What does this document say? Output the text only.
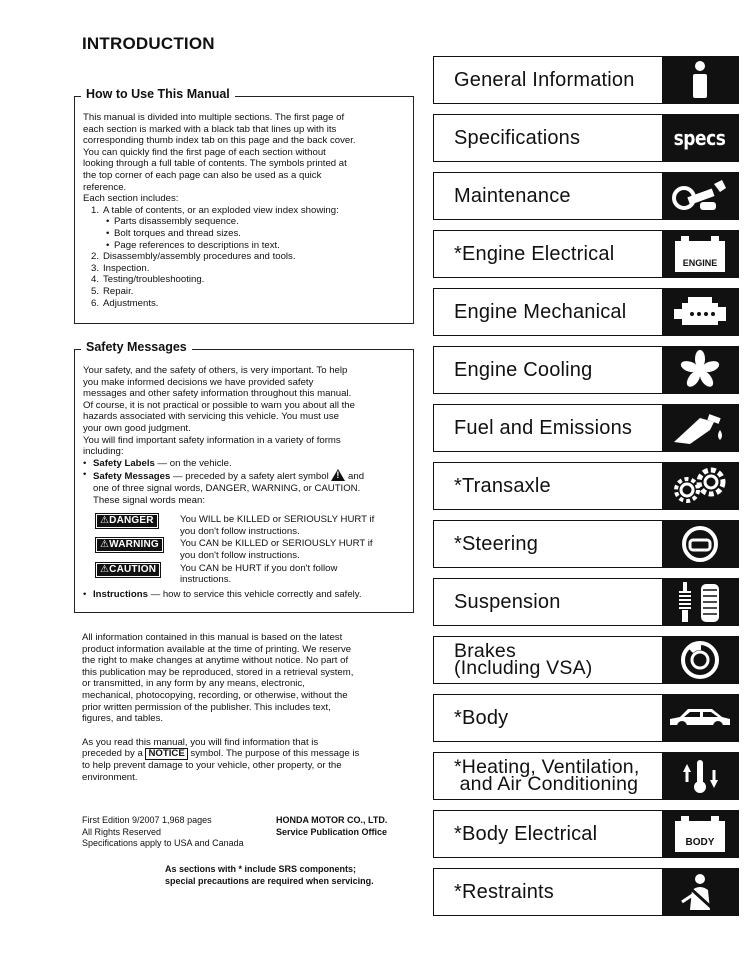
INTRODUCTION
How to Use This Manual
This manual is divided into multiple sections. The first page of
each section is marked with a black tab that lines up with its
corresponding thumb index tab on this page and the back cover.
You can quickly find the first page of each section without
looking through a full table of contents. The symbols printed at
the top corner of each page can also be used as a quick
reference.
Each section includes:
1. A table of contents, or an exploded view index showing:
• Parts disassembly sequence.
• Bolt torques and thread sizes.
• Page references to descriptions in text.
2. Disassembly/assembly procedures and tools.
3. Inspection.
4. Testing/troubleshooting.
5. Repair.
6. Adjustments.
Safety Messages
Your safety, and the safety of others, is very important. To help
you make informed decisions we have provided safety
messages and other safety information throughout this manual.
Of course, it is not practical or possible to warn you about all the
hazards associated with servicing this vehicle. You must use
your own good judgment.
You will find important safety information in a variety of forms
including:
• Safety Labels — on the vehicle.
• Safety Messages — preceded by a safety alert symbol ! and
one of three signal words, DANGER, WARNING, or CAUTION.
These signal words mean:
⚠DANGER	You WILL be KILLED or SERIOUSLY HURT if
you don't follow instructions.
⚠WARNING	You CAN be KILLED or SERIOUSLY HURT if
you don't follow instructions.
⚠CAUTION	You CAN be HURT if you don't follow
instructions.
• Instructions — how to service this vehicle correctly and safely.
All information contained in this manual is based on the latest
product information available at the time of printing. We reserve
the right to make changes at anytime without notice. No part of
this publication may be reproduced, stored in a retrieval system,
or transmitted, in any form by any means, electronic,
mechanical, photocopying, recording, or otherwise, without the
prior written permission of the publisher. This includes text,
figures, and tables.
As you read this manual, you will find information that is
preceded by a NOTICE symbol. The purpose of this message is
to help prevent damage to your vehicle, other property, or the
environment.
First Edition 9/2007 1,968 pages
All Rights Reserved
Specifications apply to USA and Canada
HONDA MOTOR CO., LTD.
Service Publication Office
As sections with * include SRS components;
special precautions are required when servicing.
General Information
Specifications	specs
Maintenance
*Engine Electrical	ENGINE
Engine Mechanical
Engine Cooling
Fuel and Emissions
*Transaxle
*Steering
Suspension
Brakes
(Including VSA)
*Body
*Heating, Ventilation,
and Air Conditioning
*Body Electrical	BODY
*Restraints
